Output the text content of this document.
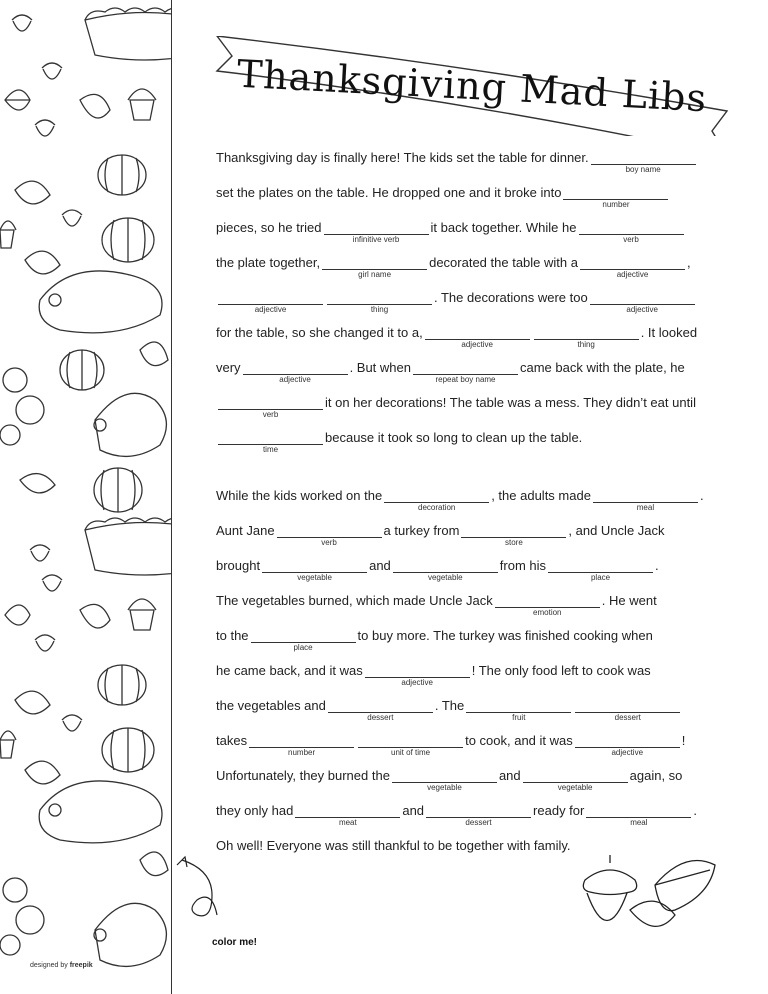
designed by freepik
Thanksgiving Mad Libs
Thanksgiving day is finally here! The kids set the table for dinner.
boy name
set the plates on the table. He dropped one and it broke into
number
pieces, so he tried
infinitive verb
it back together. While he
verb
the plate together,
girl name
decorated the table with a
adjective
,
adjective	thing
. The decorations were too
adjective
for the table, so she changed it to a,
adjective	thing
. It looked
very
adjective
. But when
repeat boy name
came back with the plate, he
verb
it on her decorations! The table was a mess. They didn’t eat until
time
because it took so long to clean up the table.
While the kids worked on the
decoration
, the adults made
meal
.
Aunt Jane
verb
a turkey from
store
, and Uncle Jack
brought
vegetable
and
vegetable
from his
place
.
The vegetables burned, which made Uncle Jack
emotion
. He went
to the
place
to buy more. The turkey was finished cooking when
he came back, and it was
adjective
! The only food left to cook was
the vegetables and
dessert
. The
fruit	dessert
takes
number	unit of time
to cook, and it was
adjective
!
Unfortunately, they burned the
vegetable
and
vegetable
again, so
they only had
meat
and
dessert
ready for
meal
.
Oh well! Everyone was still thankful to be together with family.
color me!
